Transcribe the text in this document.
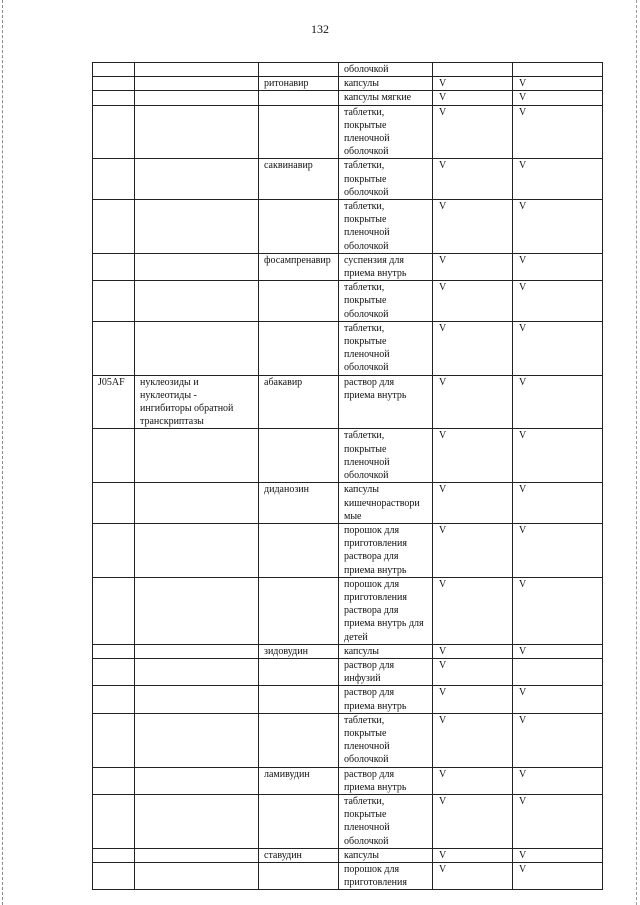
132
			оболочкой		
		ритонавир	капсулы	V	V
			капсулы мягкие	V	V
			таблетки,
покрытые
пленочной
оболочкой	V	V
		саквинавир	таблетки,
покрытые
оболочкой	V	V
			таблетки,
покрытые
пленочной
оболочкой	V	V
		фосампренавир	суспензия для
приема внутрь	V	V
			таблетки,
покрытые
оболочкой	V	V
			таблетки,
покрытые
пленочной
оболочкой	V	V
J05AF	нуклеозиды и
нуклеотиды -
ингибиторы обратной
транскриптазы	абакавир	раствор для
приема внутрь	V	V
			таблетки,
покрытые
пленочной
оболочкой	V	V
		диданозин	капсулы
кишечнораствори
мые	V	V
			порошок для
приготовления
раствора для
приема внутрь	V	V
			порошок для
приготовления
раствора для
приема внутрь для
детей	V	V
		зидовудин	капсулы	V	V
			раствор для
инфузий	V	
			раствор для
приема внутрь	V	V
			таблетки,
покрытые
пленочной
оболочкой	V	V
		ламивудин	раствор для
приема внутрь	V	V
			таблетки,
покрытые
пленочной
оболочкой	V	V
		ставудин	капсулы	V	V
			порошок для
приготовления	V	V
